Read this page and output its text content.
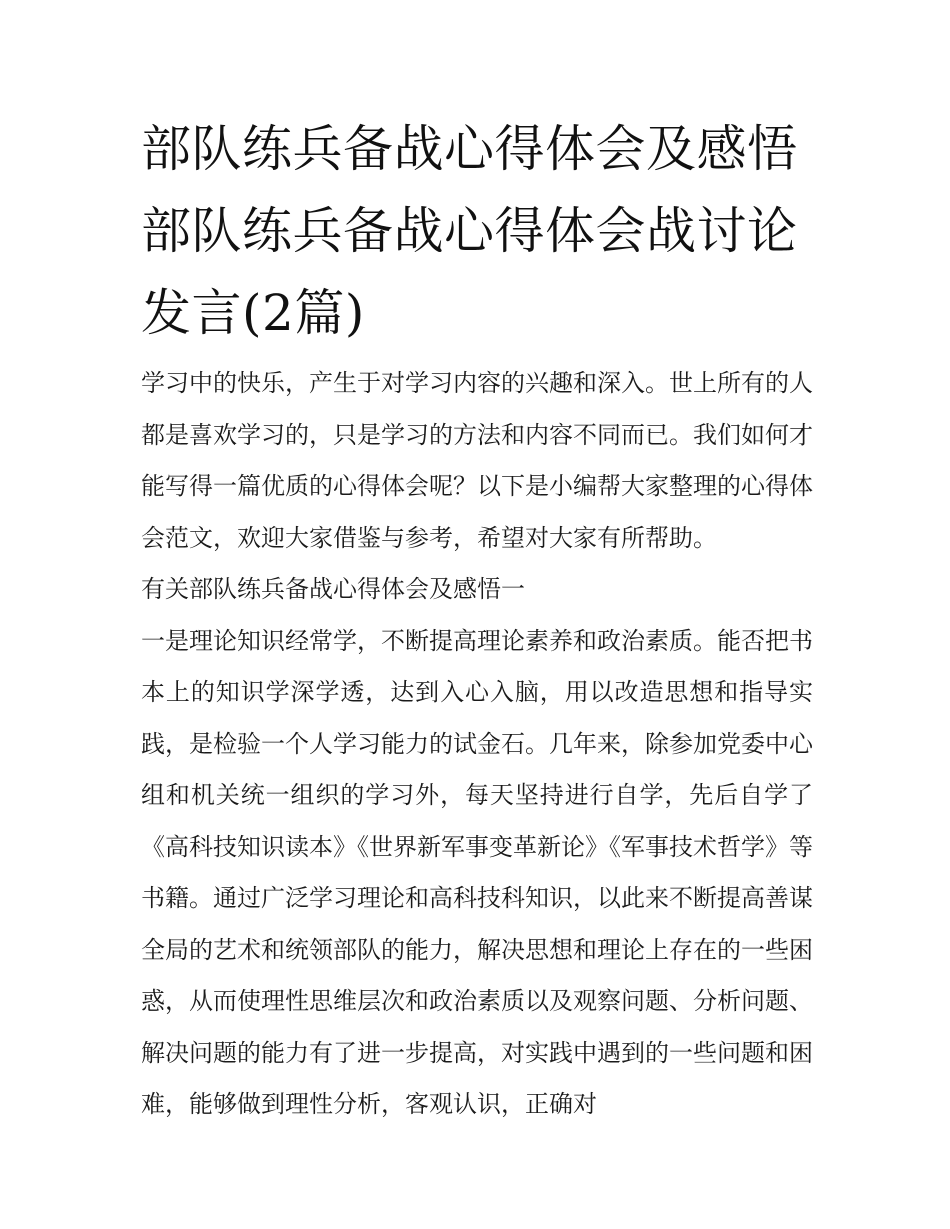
部队练兵备战心得体会及感悟
部队练兵备战心得体会战讨论
发言(2篇)

学习中的快乐，产生于对学习内容的兴趣和深入。世上所有的人都是喜欢学习的，只是学习的方法和内容不同而已。我们如何才能写得一篇优质的心得体会呢？以下是小编帮大家整理的心得体会范文，欢迎大家借鉴与参考，希望对大家有所帮助。

有关部队练兵备战心得体会及感悟一

一是理论知识经常学，不断提高理论素养和政治素质。能否把书本上的知识学深学透，达到入心入脑，用以改造思想和指导实践，是检验一个人学习能力的试金石。几年来，除参加党委中心组和机关统一组织的学习外，每天坚持进行自学，先后自学了《高科技知识读本》《世界新军事变革新论》《军事技术哲学》等书籍。通过广泛学习理论和高科技科知识，以此来不断提高善谋全局的艺术和统领部队的能力，解决思想和理论上存在的一些困惑，从而使理性思维层次和政治素质以及观察问题、分析问题、解决问题的能力有了进一步提高，对实践中遇到的一些问题和困难，能够做到理性分析，客观认识，正确对
